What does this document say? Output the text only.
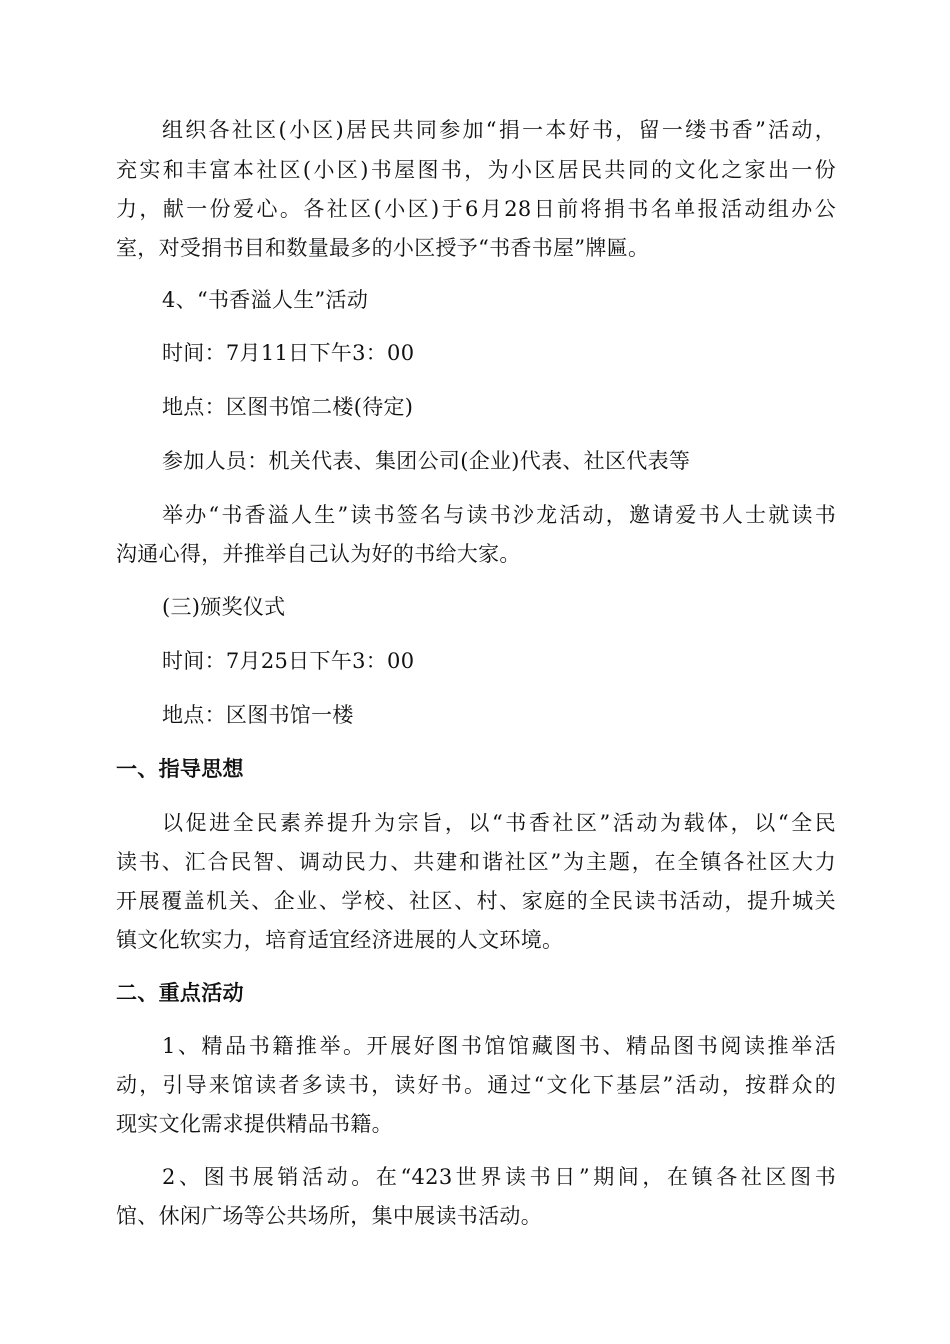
组织各社区(小区)居民共同参加“捐一本好书，留一缕书香”活动，
充实和丰富本社区(小区)书屋图书，为小区居民共同的文化之家出一份
力，献一份爱心。各社区(小区)于6月28日前将捐书名单报活动组办公
室，对受捐书目和数量最多的小区授予“书香书屋”牌匾。
4、“书香溢人生”活动
时间：7月11日下午3：00
地点：区图书馆二楼(待定)
参加人员：机关代表、集团公司(企业)代表、社区代表等
举办“书香溢人生”读书签名与读书沙龙活动，邀请爱书人士就读书
沟通心得，并推举自己认为好的书给大家。
(三)颁奖仪式
时间：7月25日下午3：00
地点：区图书馆一楼
一、指导思想
以促进全民素养提升为宗旨，以“书香社区”活动为载体，以“全民
读书、汇合民智、调动民力、共建和谐社区”为主题，在全镇各社区大力
开展覆盖机关、企业、学校、社区、村、家庭的全民读书活动，提升城关
镇文化软实力，培育适宜经济进展的人文环境。
二、重点活动
1、精品书籍推举。开展好图书馆馆藏图书、精品图书阅读推举活
动，引导来馆读者多读书，读好书。通过“文化下基层”活动，按群众的
现实文化需求提供精品书籍。
2、图书展销活动。在“423世界读书日”期间，在镇各社区图书
馆、休闲广场等公共场所，集中展读书活动。
